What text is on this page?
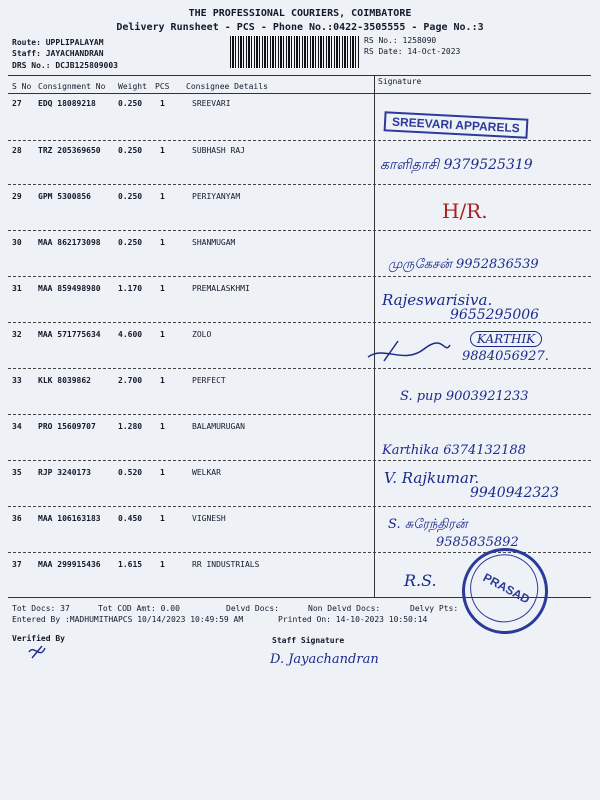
THE PROFESSIONAL COURIERS, COIMBATORE
Delivery Runsheet - PCS - Phone No.:0422-3505555 - Page No.:3
Route: UPPLIPALAYAM
Staff: JAYACHANDRAN
DRS No.: DCJB125809003
RS No.: 1258090
RS Date: 14-Oct-2023
S No Consignment No Weight PCS Consignee Details
Signature
27 EDQ 18089218	0.250 1	SREEVARI
SREEVARI APPARELS
28 TRZ 205369650 0.250 1	SUBHASH RAJ
காளிதாசி 9379525319
29 GPM 5300856	0.250 1	PERIYANYAM
H/R.
30 MAA 862173098 0.250 1	SHANMUGAM
முருகேசன் 9952836539
31 MAA 859498980 1.170 1	PREMALASKHMI
Rajeswarisiva.
9655295006
32 MAA 571775634 4.600 1	ZOLO	KARTHIK
9884056927.
33 KLK 8039862	2.700 1	PERFECT
S. pup 9003921233
34 PRO 15609707	1.280 1	BALAMURUGAN
Karthika 6374132188
35 RJP 3240173	0.520 1	WELKAR	V. Rajkumar.
9940942323
36 MAA 106163183 0.450 1	VIGNESH	S. சுரேந்திரன்
9585835892
37 MAA 299915436 1.615 1	RR INDUSTRIALS
R.S.	PRASAD
Tot Docs: 37	Tot COD Amt: 0.00	Delvd Docs:	Non Delvd Docs:	Delvy Pts:
Entered By :MADHUMITHAPCS 10/14/2023 10:49:59 AM	Printed On: 14-10-2023 10:50:14
Verified By	Staff Signature
D. Jayachandran
